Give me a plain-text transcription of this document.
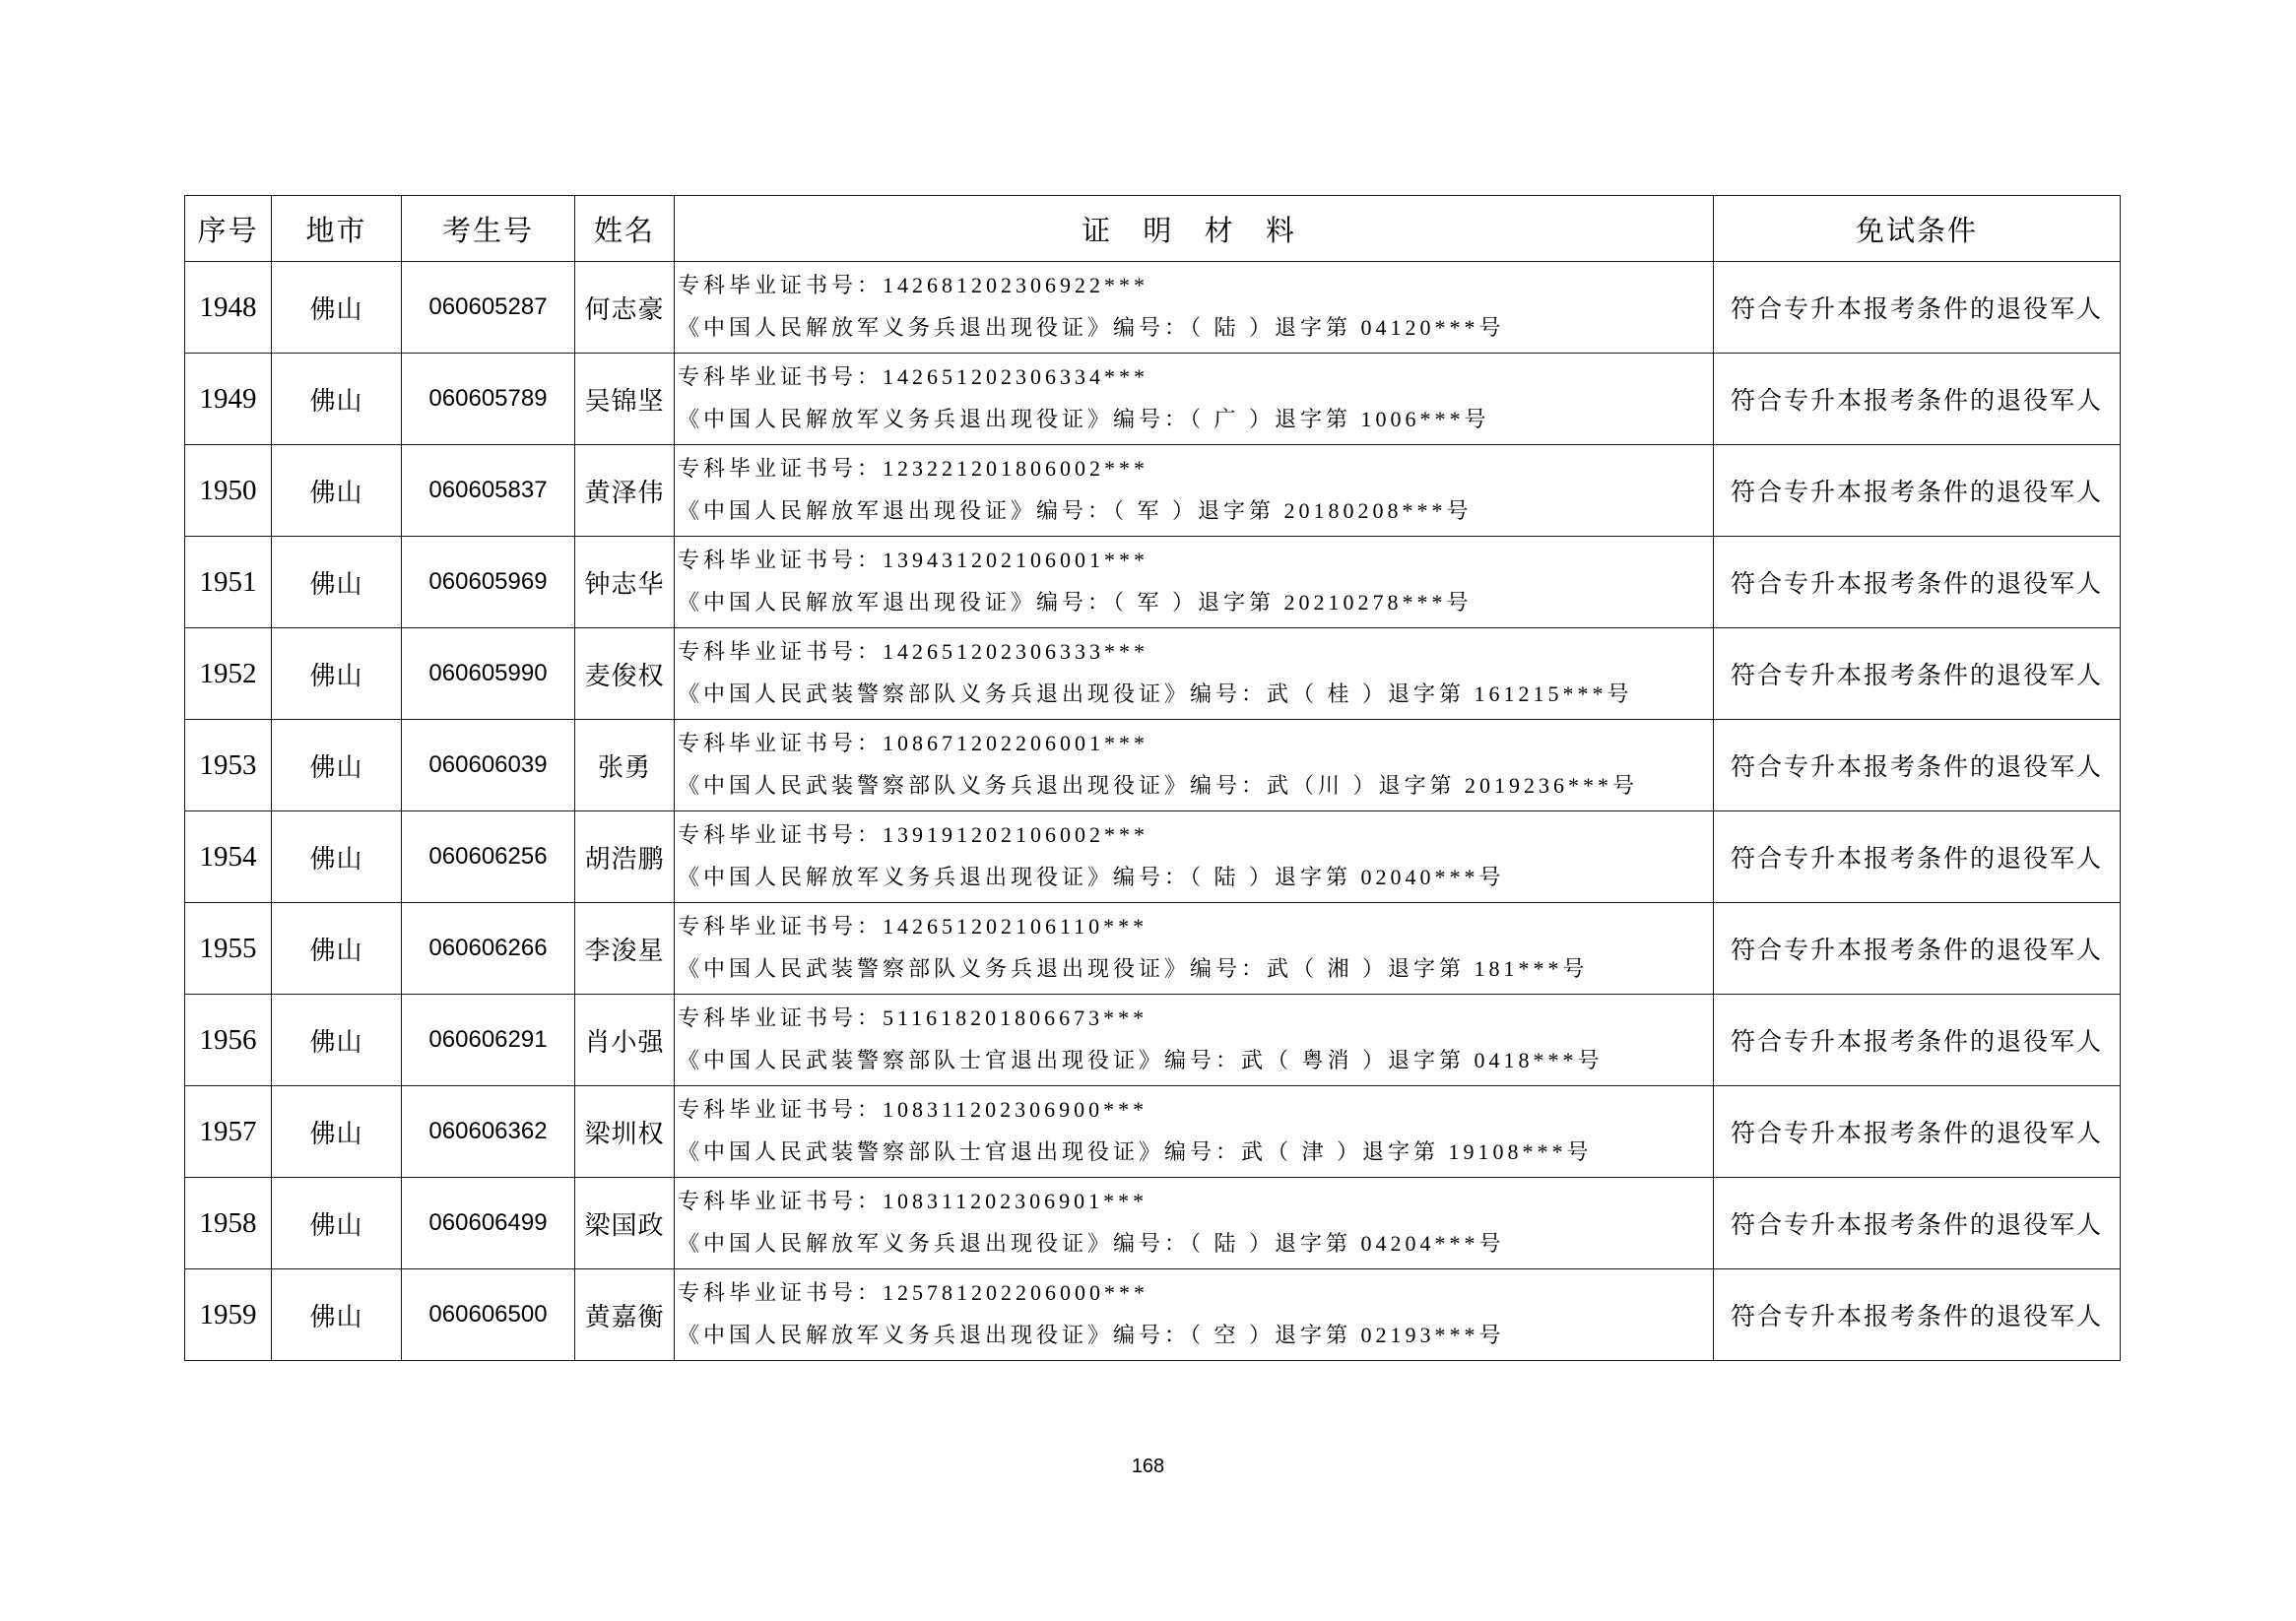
序号	地市	考生号	姓名	证 明 材 料	免试条件
1948	佛山	060605287	何志豪	专科毕业证书号：142681202306922***
《中国人民解放军义务兵退出现役证》编号：（ 陆 ）退字第 04120***号	符合专升本报考条件的退役军人
1949	佛山	060605789	吴锦坚	专科毕业证书号：142651202306334***
《中国人民解放军义务兵退出现役证》编号：（ 广 ）退字第 1006***号	符合专升本报考条件的退役军人
1950	佛山	060605837	黄泽伟	专科毕业证书号：123221201806002***
《中国人民解放军退出现役证》编号：（ 军 ）退字第 20180208***号	符合专升本报考条件的退役军人
1951	佛山	060605969	钟志华	专科毕业证书号：139431202106001***
《中国人民解放军退出现役证》编号：（ 军 ）退字第 20210278***号	符合专升本报考条件的退役军人
1952	佛山	060605990	麦俊权	专科毕业证书号：142651202306333***
《中国人民武装警察部队义务兵退出现役证》编号：武（ 桂 ）退字第 161215***号	符合专升本报考条件的退役军人
1953	佛山	060606039	张勇	专科毕业证书号：108671202206001***
《中国人民武装警察部队义务兵退出现役证》编号：武（川 ）退字第 2019236***号	符合专升本报考条件的退役军人
1954	佛山	060606256	胡浩鹏	专科毕业证书号：139191202106002***
《中国人民解放军义务兵退出现役证》编号：（ 陆 ）退字第 02040***号	符合专升本报考条件的退役军人
1955	佛山	060606266	李浚星	专科毕业证书号：142651202106110***
《中国人民武装警察部队义务兵退出现役证》编号：武（ 湘 ）退字第 181***号	符合专升本报考条件的退役军人
1956	佛山	060606291	肖小强	专科毕业证书号：511618201806673***
《中国人民武装警察部队士官退出现役证》编号：武（ 粤消 ）退字第 0418***号	符合专升本报考条件的退役军人
1957	佛山	060606362	梁圳权	专科毕业证书号：108311202306900***
《中国人民武装警察部队士官退出现役证》编号：武（ 津 ）退字第 19108***号	符合专升本报考条件的退役军人
1958	佛山	060606499	梁国政	专科毕业证书号：108311202306901***
《中国人民解放军义务兵退出现役证》编号：（ 陆 ）退字第 04204***号	符合专升本报考条件的退役军人
1959	佛山	060606500	黄嘉衡	专科毕业证书号：125781202206000***
《中国人民解放军义务兵退出现役证》编号：（ 空 ）退字第 02193***号	符合专升本报考条件的退役军人
168
